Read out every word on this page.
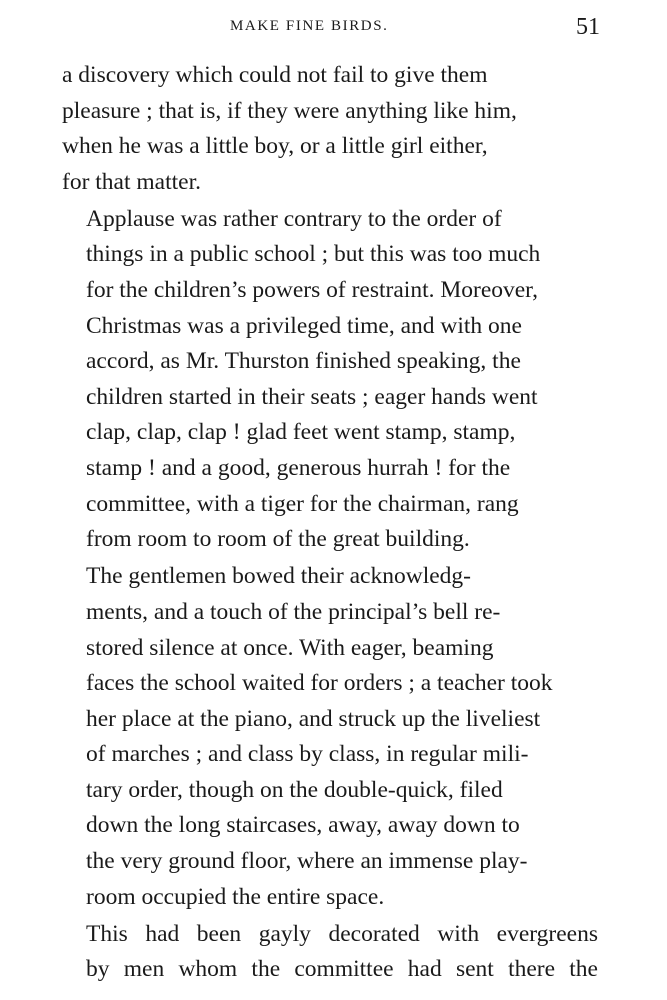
MAKE FINE BIRDS.	51

a discovery which could not fail to give them
pleasure ; that is, if they were anything like him,
when he was a little boy, or a little girl either,
for that matter.

Applause was rather contrary to the order of
things in a public school ; but this was too much
for the children’s powers of restraint. Moreover,
Christmas was a privileged time, and with one
accord, as Mr. Thurston finished speaking, the
children started in their seats ; eager hands went
clap, clap, clap ! glad feet went stamp, stamp,
stamp ! and a good, generous hurrah ! for the
committee, with a tiger for the chairman, rang
from room to room of the great building.

The gentlemen bowed their acknowledg-
ments, and a touch of the principal’s bell re-
stored silence at once. With eager, beaming
faces the school waited for orders ; a teacher took
her place at the piano, and struck up the liveliest
of marches ; and class by class, in regular mili-
tary order, though on the double-quick, filed
down the long staircases, away, away down to
the very ground floor, where an immense play-
room occupied the entire space.

This had been gayly decorated with evergreens
by men whom the committee had sent there the
